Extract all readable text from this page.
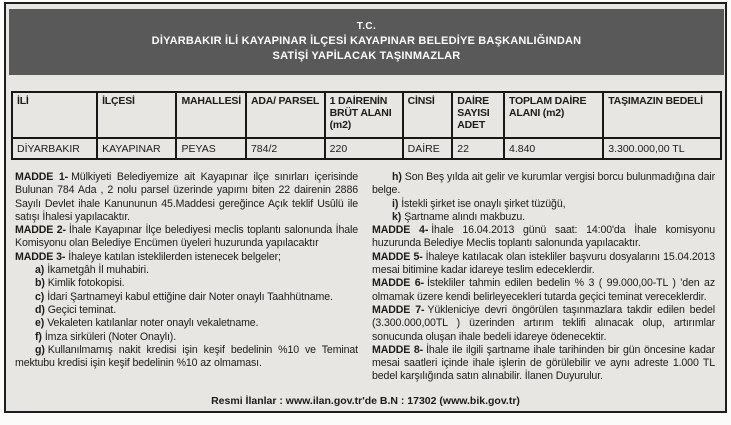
T.C.
DİYARBAKIR İLİ KAYAPINAR İLÇESİ KAYAPINAR BELEDİYE BAŞKANLIĞINDAN
SATİŞİ YAPİLACAK TAŞINMAZLAR
İLİ	İLÇESİ	MAHALLESİ	ADA/ PARSEL	1 DAİRENİN BRÜT ALANI (m2)	CİNSİ	DAİRE SAYISI ADET	TOPLAM DAİRE ALANI (m2)	TAŞIMAZIN BEDELİ
DİYARBAKIR	KAYAPINAR	PEYAS	784/2	220	DAİRE	22	4.840	3.300.000,00 TL

MADDE 1- Mülkiyeti Belediyemize ait Kayapınar ilçe sınırları içerisinde Bulunan 784 Ada , 2 nolu parsel üzerinde yapımı biten 22 dairenin 2886 Sayılı Devlet ihale Kanununun 45.Maddesi gereğince Açık teklif Usûlü ile satışı İhalesi yapılacaktır.

MADDE 2- İhale Kayapınar İlçe belediyesi meclis toplantı salonunda İhale Komisyonu olan Belediye Encümen üyeleri huzurunda yapılacaktır

MADDE 3- İhaleye katılan isteklilerden istenecek belgeler;

a) İkametgâh İl muhabiri.

b) Kimlik fotokopisi.

c) İdari Şartnameyi kabul ettiğine dair Noter onaylı Taahhütname.

d) Geçici teminat.

e) Vekaleten katılanlar noter onaylı vekaletname.

f) İmza sirküleri (Noter Onaylı).

g) Kullanılmamış nakit kredisi işin keşif bedelinin %10 ve Teminat mektubu kredisi işin keşif bedelinin %10 az olmaması.

h) Son Beş yılda ait gelir ve kurumlar vergisi borcu bulunmadığına dair belge.

i) İstekli şirket ise onaylı şirket tüzüğü,

k) Şartname alındı makbuzu.

MADDE 4- İhale 16.04.2013 günü saat: 14:00'da İhale komisyonu huzurunda Belediye Meclis toplantı salonunda yapılacaktır.

MADDE 5- İhaleye katılacak olan istekliler başvuru dosyalarını 15.04.2013 mesai bitimine kadar idareye teslim edeceklerdir.

MADDE 6- İstekliler tahmin edilen bedelin % 3 ( 99.000,00-TL ) 'den az olmamak üzere kendi belirleyecekleri tutarda geçici teminat vereceklerdir.

MADDE 7- Yükleniciye devri öngörülen taşınmazlara takdir edilen bedel (3.300.000,00TL ) üzerinden artırım teklifi alınacak olup, artırımlar sonucunda oluşan ihale bedeli idareye ödenecektir.

MADDE 8- İhale ile ilgili şartname ihale tarihinden bir gün öncesine kadar mesai saatleri içinde ihale işlerin de görülebilir ve aynı adreste 1.000 TL bedel karşılığında satın alınabilir. İlanen Duyurulur.

Resmi İlanlar : www.ilan.gov.tr'de B.N : 17302 (www.bik.gov.tr)
